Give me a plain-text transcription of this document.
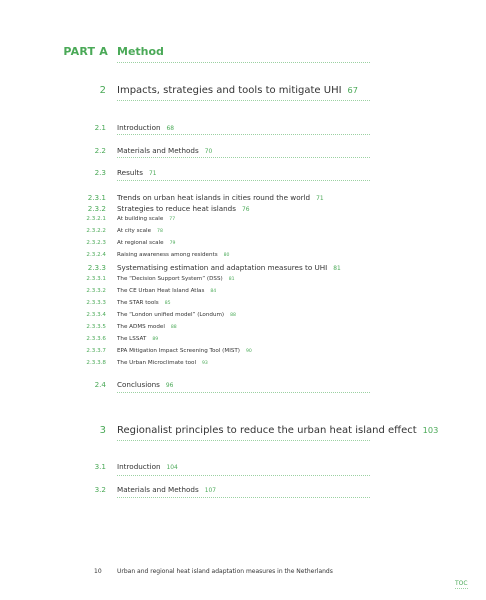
PART A Method
2 Impacts, strategies and tools to mitigate UHI 67
2.1 Introduction 68
2.2 Materials and Methods 70
2.3 Results 71
2.3.1 Trends on urban heat islands in cities round the world 71
2.3.2 Strategies to reduce heat islands 76
2.3.2.1 At building scale 77
2.3.2.2 At city scale 78
2.3.2.3 At regional scale 79
2.3.2.4 Raising awareness among residents 80
2.3.3 Systematising estimation and adaptation measures to UHI 81
2.3.3.1 The “Decision Support System” (DSS) 81
2.3.3.2 The CE Urban Heat Island Atlas 84
2.3.3.3 The STAR tools 85
2.3.3.4 The “London unified model” (Londum) 88
2.3.3.5 The ADMS model 88
2.3.3.6 The LSSAT 89
2.3.3.7 EPA Mitigation Impact Screening Tool (MIST) 90
2.3.3.8 The Urban Microclimate tool 93
2.4 Conclusions 96
3 Regionalist principles to reduce the urban heat island effect 103
3.1 Introduction 104
3.2 Materials and Methods 107
10	Urban and regional heat island adaptation measures in the Netherlands
TOC
